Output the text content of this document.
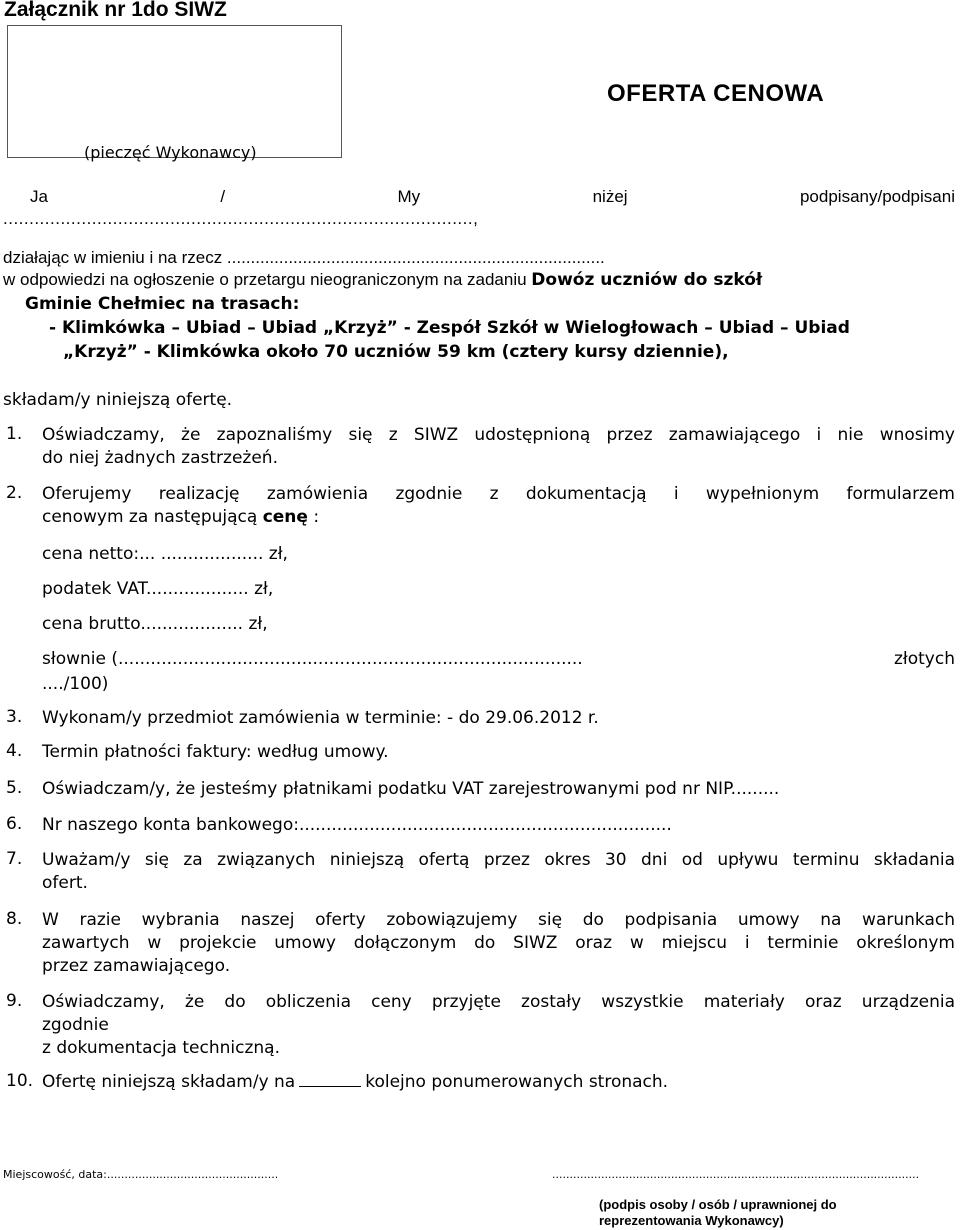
Załącznik nr 1do SIWZ
(pieczęć Wykonawcy)
OFERTA CENOWA
Ja	/	My	niżej	podpisany/podpisani
..........................................................................................,
działając w imieniu i na rzecz ................................................................................
w odpowiedzi na ogłoszenie o przetargu nieograniczonym na zadaniu Dowóz uczniów do szkół
Gminie Chełmiec na trasach:
- Klimkówka – Ubiad – Ubiad „Krzyż” - Zespół Szkół w Wielogłowach – Ubiad – Ubiad
„Krzyż” - Klimkówka około 70 uczniów 59 km (cztery kursy dziennie),
składam/y niniejszą ofertę.
1. Oświadczamy, że zapoznaliśmy się z SIWZ udostępnioną przez zamawiającego i nie wnosimy
do niej żadnych zastrzeżeń.
2. Oferujemy realizację zamówienia zgodnie z dokumentacją i wypełnionym formularzem
cenowym za następującą cenę :
cena netto:... ................... zł,
podatek VAT................... zł,
cena brutto................... zł,
słownie (......................................................................................	złotych
..../100)
3. Wykonam/y przedmiot zamówienia w terminie: - do 29.06.2012 r.
4. Termin płatności faktury: według umowy.
5. Oświadczam/y, że jesteśmy płatnikami podatku VAT zarejestrowanymi pod nr NIP.........
6. Nr naszego konta bankowego:.....................................................................
7. Uważam/y się za związanych niniejszą ofertą przez okres 30 dni od upływu terminu składania
ofert.
8. W razie wybrania naszej oferty zobowiązujemy się do podpisania umowy na warunkach
zawartych w projekcie umowy dołączonym do SIWZ oraz w miejscu i terminie określonym
przez zamawiającego.
9. Oświadczamy, że do obliczenia ceny przyjęte zostały wszystkie materiały oraz urządzenia
zgodnie
z dokumentacja techniczną.
10. Ofertę niniejszą składam/y na	kolejno ponumerowanych stronach.
Miejscowość, data:.................................................	.........................................................................................................
(podpis osoby / osób / uprawnionej do
reprezentowania Wykonawcy)
